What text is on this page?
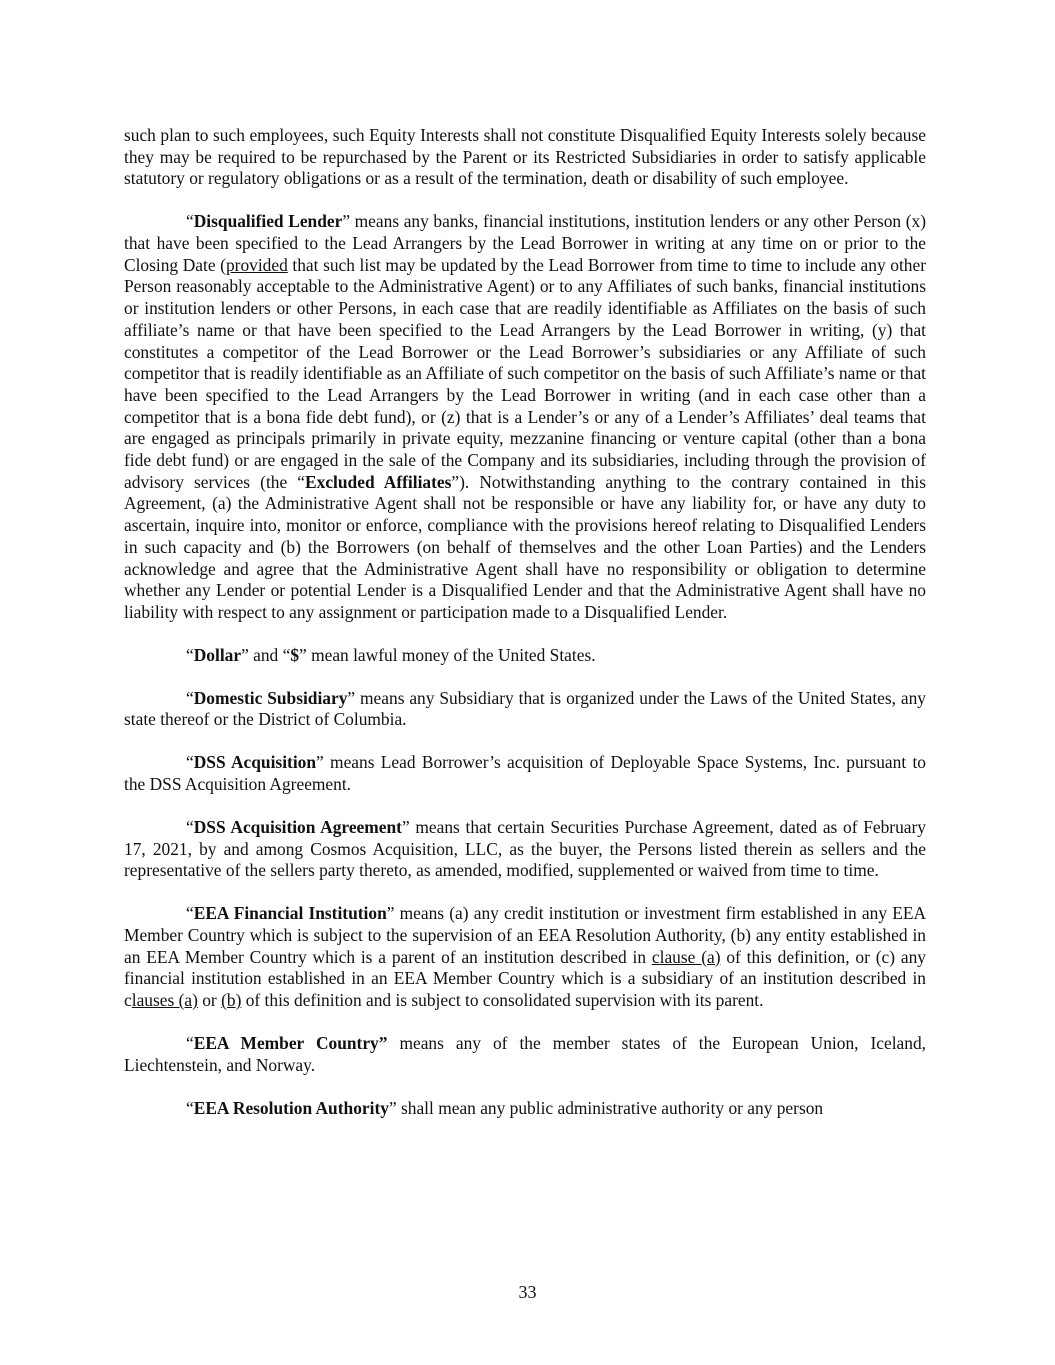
such plan to such employees, such Equity Interests shall not constitute Disqualified Equity Interests solely because they may be required to be repurchased by the Parent or its Restricted Subsidiaries in order to satisfy applicable statutory or regulatory obligations or as a result of the termination, death or disability of such employee.

“Disqualified Lender” means any banks, financial institutions, institution lenders or any other Person (x) that have been specified to the Lead Arrangers by the Lead Borrower in writing at any time on or prior to the Closing Date (provided that such list may be updated by the Lead Borrower from time to time to include any other Person reasonably acceptable to the Administrative Agent) or to any Affiliates of such banks, financial institutions or institution lenders or other Persons, in each case that are readily identifiable as Affiliates on the basis of such affiliate’s name or that have been specified to the Lead Arrangers by the Lead Borrower in writing, (y) that constitutes a competitor of the Lead Borrower or the Lead Borrower’s subsidiaries or any Affiliate of such competitor that is readily identifiable as an Affiliate of such competitor on the basis of such Affiliate’s name or that have been specified to the Lead Arrangers by the Lead Borrower in writing (and in each case other than a competitor that is a bona fide debt fund), or (z) that is a Lender’s or any of a Lender’s Affiliates’ deal teams that are engaged as principals primarily in private equity, mezzanine financing or venture capital (other than a bona fide debt fund) or are engaged in the sale of the Company and its subsidiaries, including through the provision of advisory services (the “Excluded Affiliates”). Notwithstanding anything to the contrary contained in this Agreement, (a) the Administrative Agent shall not be responsible or have any liability for, or have any duty to ascertain, inquire into, monitor or enforce, compliance with the provisions hereof relating to Disqualified Lenders in such capacity and (b) the Borrowers (on behalf of themselves and the other Loan Parties) and the Lenders acknowledge and agree that the Administrative Agent shall have no responsibility or obligation to determine whether any Lender or potential Lender is a Disqualified Lender and that the Administrative Agent shall have no liability with respect to any assignment or participation made to a Disqualified Lender.

“Dollar” and “$” mean lawful money of the United States.

“Domestic Subsidiary” means any Subsidiary that is organized under the Laws of the United States, any state thereof or the District of Columbia.

“DSS Acquisition” means Lead Borrower’s acquisition of Deployable Space Systems, Inc. pursuant to the DSS Acquisition Agreement.

“DSS Acquisition Agreement” means that certain Securities Purchase Agreement, dated as of February 17, 2021, by and among Cosmos Acquisition, LLC, as the buyer, the Persons listed therein as sellers and the representative of the sellers party thereto, as amended, modified, supplemented or waived from time to time.

“EEA Financial Institution” means (a) any credit institution or investment firm established in any EEA Member Country which is subject to the supervision of an EEA Resolution Authority, (b) any entity established in an EEA Member Country which is a parent of an institution described in clause (a) of this definition, or (c) any financial institution established in an EEA Member Country which is a subsidiary of an institution described in clauses (a) or (b) of this definition and is subject to consolidated supervision with its parent.

“EEA Member Country” means any of the member states of the European Union, Iceland, Liechtenstein, and Norway.

“EEA Resolution Authority” shall mean any public administrative authority or any person

33
